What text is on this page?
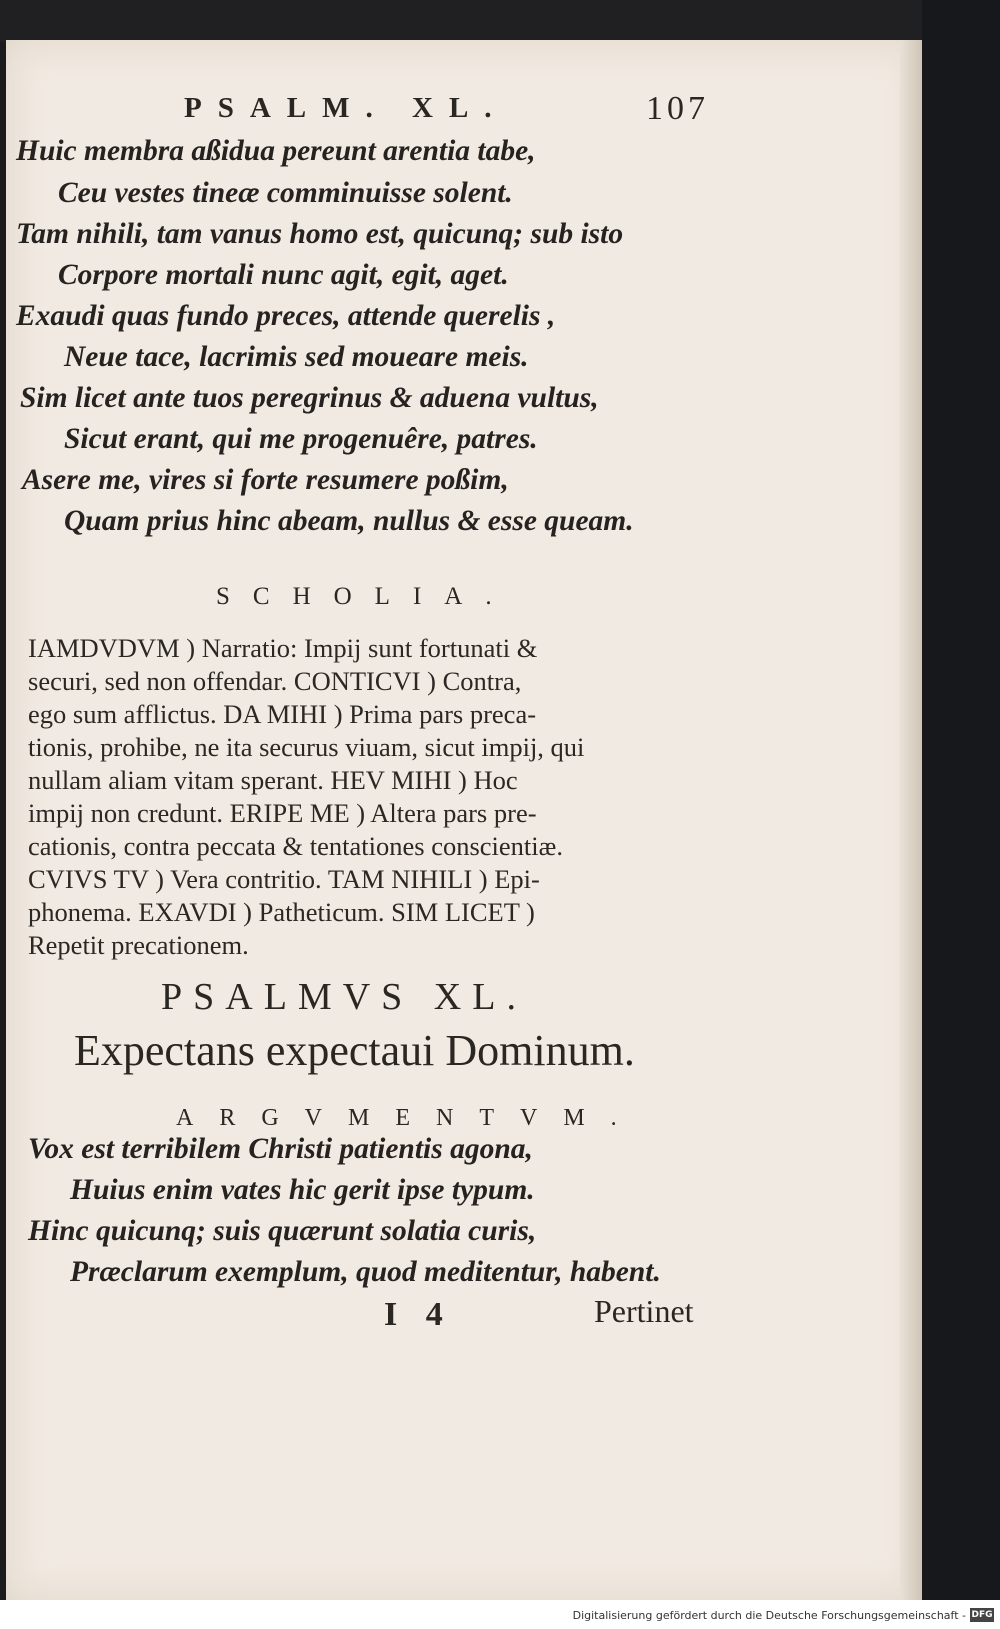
PSALM. XL.	107
Huic membra aßidua pereunt arentia tabe,
Ceu vestes tineæ comminuisse solent.
Tam nihili, tam vanus homo est, quicunq; sub isto
Corpore mortali nunc agit, egit, aget.
Exaudi quas fundo preces, attende querelis ,
Neue tace, lacrimis sed moueare meis.
Sim licet ante tuos peregrinus & aduena vultus,
Sicut erant, qui me progenuêre, patres.
Asere me, vires si forte resumere poßim,
Quam prius hinc abeam, nullus & esse queam.
SCHOLIA.
IAMDVDVM ) Narratio: Impij sunt fortunati &
securi, sed non offendar. CONTICVI ) Contra,
ego sum afflictus. DA MIHI ) Prima pars preca-
tionis, prohibe, ne ita securus viuam, sicut impij, qui
nullam aliam vitam sperant. HEV MIHI ) Hoc
impij non credunt. ERIPE ME ) Altera pars pre-
cationis, contra peccata & tentationes conscientiæ.
CVIVS TV ) Vera contritio. TAM NIHILI ) Epi-
phonema. EXAVDI ) Patheticum. SIM LICET )
Repetit precationem.
PSALMVS XL.
Expectans expectaui Dominum.
ARGVMENTVM.
Vox est terribilem Christi patientis agona,
Huius enim vates hic gerit ipse typum.
Hinc quicunq; suis quærunt solatia curis,
Præclarum exemplum, quod meditentur, habent.
I 4	Pertinet
Digitalisierung gefördert durch die Deutsche Forschungsgemeinschaft - DFG
